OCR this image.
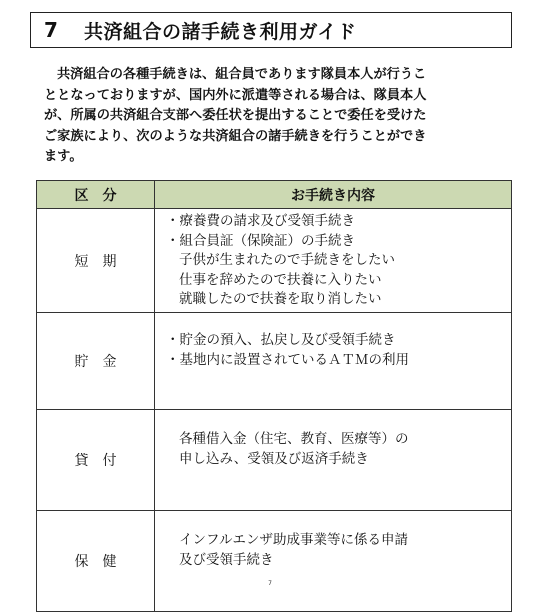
7	共済組合の諸手続き利用ガイド

共済組合の各種手続きは、組合員であります隊員本人が行うこ
ととなっておりますが、国内外に派遣等される場合は、隊員本人
が、所属の共済組合支部へ委任状を提出することで委任を受けた
ご家族により、次のような共済組合の諸手続きを行うことができ
ます。

区　分	お手続き内容
短期	・療養費の請求及び受領手続き
・組合員証（保険証）の手続き
子供が生まれたので手続きをしたい
仕事を辞めたので扶養に入りたい
就職したので扶養を取り消したい

貯金	・貯金の預入、払戻し及び受領手続き
・基地内に設置されているＡＴＭの利用

貸付	各種借入金（住宅、教育、医療等）の
申し込み、受領及び返済手続き

保健	インフルエンザ助成事業等に係る申請
及び受領手続き
7
